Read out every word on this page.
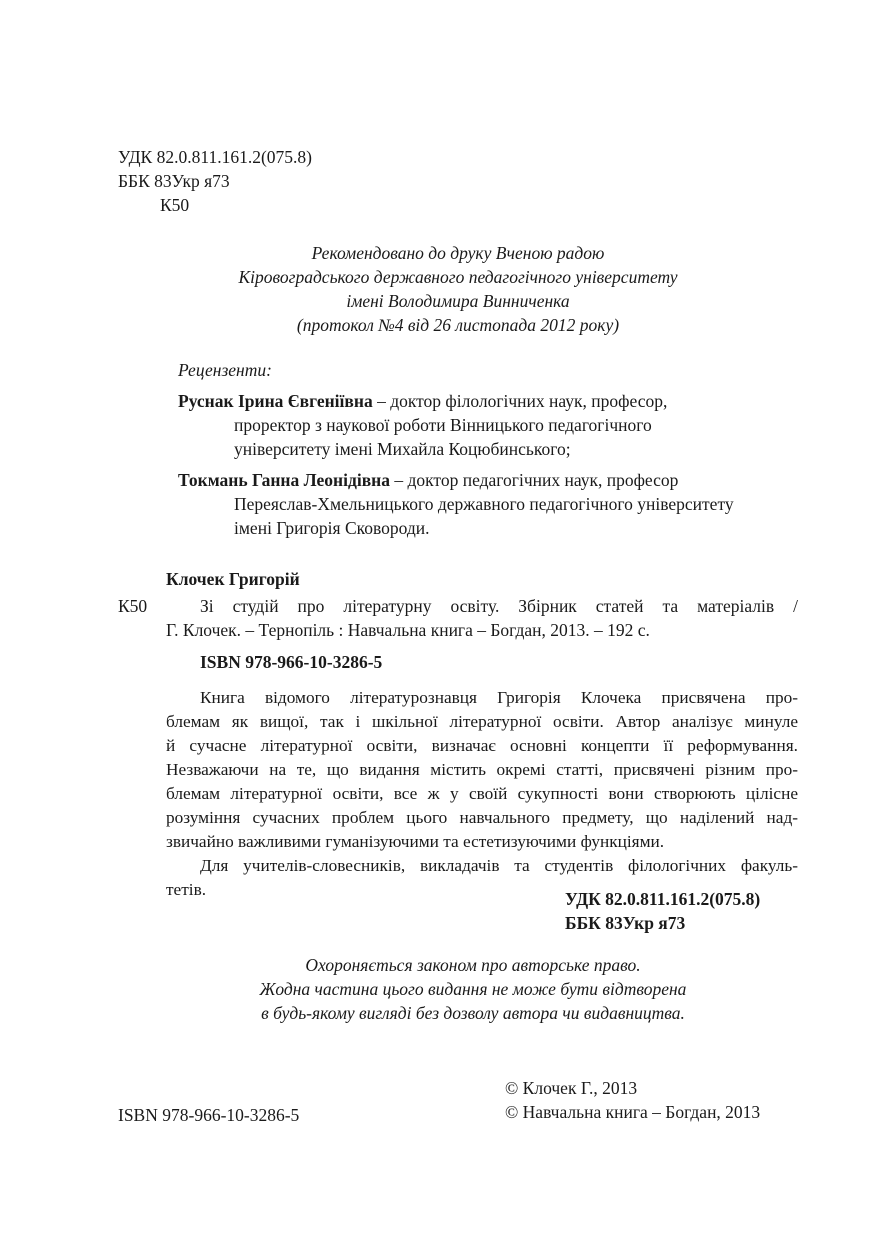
УДК 82.0.811.161.2(075.8)
ББК 83Укр я73
К50
Рекомендовано до друку Вченою радою
Кіровоградського державного педагогічного університету
імені Володимира Винниченка
(протокол №4 від 26 листопада 2012 року)
Рецензенти:
Руснак Ірина Євгеніївна – доктор філологічних наук, професор,
проректор з наукової роботи Вінницького педагогічного
університету імені Михайла Коцюбинського;
Токмань Ганна Леонідівна – доктор педагогічних наук, професор
Переяслав-Хмельницького державного педагогічного університету
імені Григорія Сковороди.
Клочек Григорій
К50	Зі студій про літературну освіту. Збірник статей та матеріалів /
Г. Клочек. – Тернопіль : Навчальна книга – Богдан, 2013. – 192 с.
ISBN 978-966-10-3286-5
Книга відомого літературознавця Григорія Клочека присвячена про-
блемам як вищої, так і шкільної літературної освіти. Автор аналізує минуле
й сучасне літературної освіти, визначає основні концепти її реформування.
Незважаючи на те, що видання містить окремі статті, присвячені різним про-
блемам літературної освіти, все ж у своїй сукупності вони створюють цілісне
розуміння сучасних проблем цього навчального предмету, що наділений над-
звичайно важливими гуманізуючими та естетизуючими функціями.
Для учителів-словесників, викладачів та студентів філологічних факуль-
тетів.	УДК 82.0.811.161.2(075.8)
ББК 83Укр я73
Охороняється законом про авторське право.
Жодна частина цього видання не може бути відтворена
в будь-якому вигляді без дозволу автора чи видавництва.
© Клочек Г., 2013
© Навчальна книга – Богдан, 2013
ISBN 978-966-10-3286-5
